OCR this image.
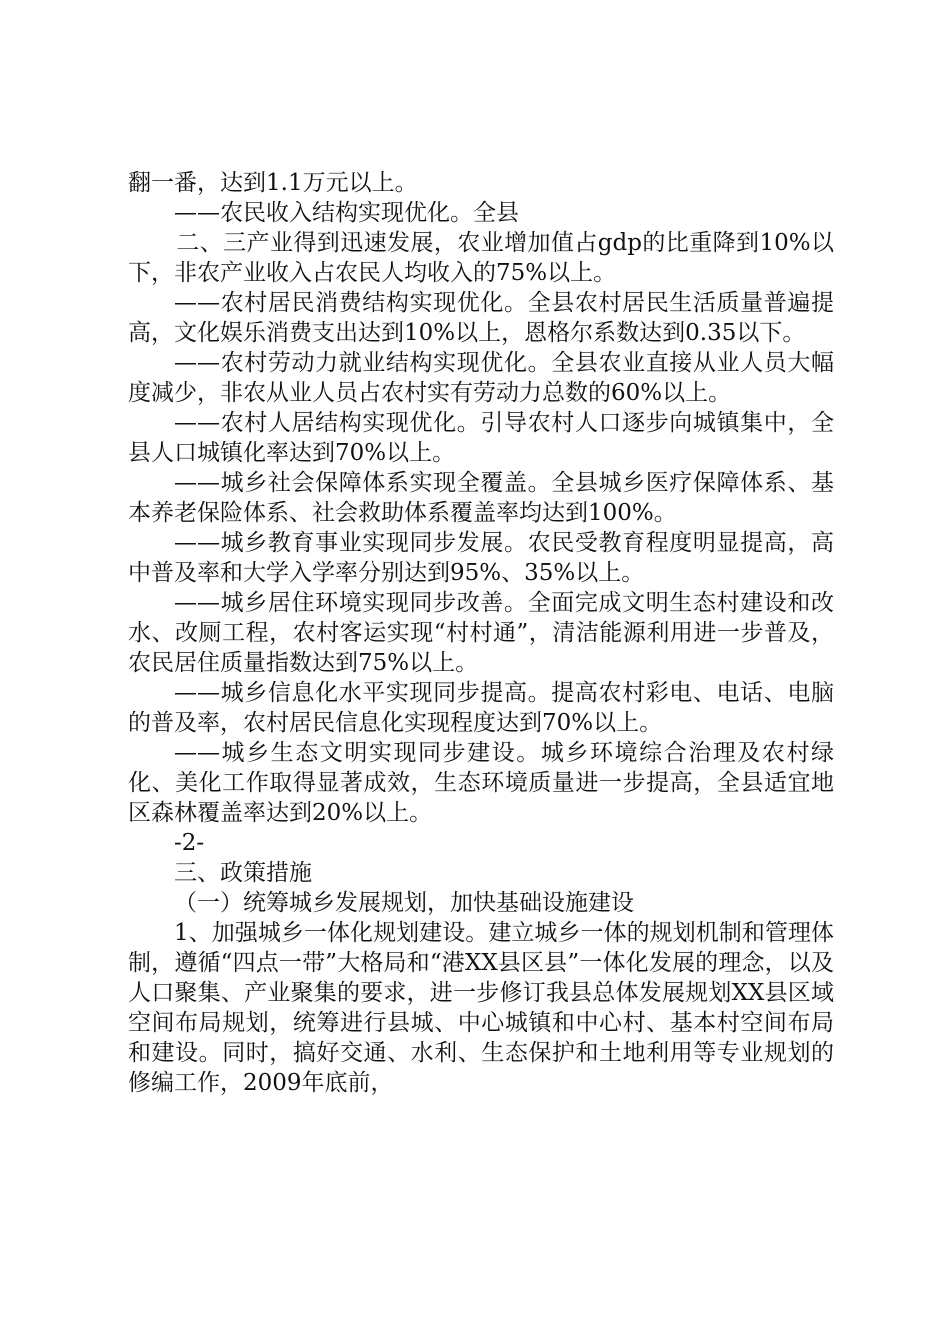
翻一番，达到1.1万元以上。

——农民收入结构实现优化。全县

二、三产业得到迅速发展，农业增加值占gdp的比重降到10%以下，非农产业收入占农民人均收入的75%以上。

——农村居民消费结构实现优化。全县农村居民生活质量普遍提高，文化娱乐消费支出达到10%以上，恩格尔系数达到0.35以下。

——农村劳动力就业结构实现优化。全县农业直接从业人员大幅度减少，非农从业人员占农村实有劳动力总数的60%以上。

——农村人居结构实现优化。引导农村人口逐步向城镇集中，全县人口城镇化率达到70%以上。

——城乡社会保障体系实现全覆盖。全县城乡医疗保障体系、基本养老保险体系、社会救助体系覆盖率均达到100%。

——城乡教育事业实现同步发展。农民受教育程度明显提高，高中普及率和大学入学率分别达到95%、35%以上。

——城乡居住环境实现同步改善。全面完成文明生态村建设和改水、改厕工程，农村客运实现“村村通”，清洁能源利用进一步普及，农民居住质量指数达到75%以上。

——城乡信息化水平实现同步提高。提高农村彩电、电话、电脑的普及率，农村居民信息化实现程度达到70%以上。

——城乡生态文明实现同步建设。城乡环境综合治理及农村绿化、美化工作取得显著成效，生态环境质量进一步提高，全县适宜地区森林覆盖率达到20%以上。

-2-

三、政策措施

（一）统筹城乡发展规划，加快基础设施建设

1、加强城乡一体化规划建设。建立城乡一体的规划机制和管理体制，遵循“四点一带”大格局和“港XX县区县”一体化发展的理念，以及人口聚集、产业聚集的要求，进一步修订我县总体发展规划XX县区域空间布局规划，统筹进行县城、中心城镇和中心村、基本村空间布局和建设。同时，搞好交通、水利、生态保护和土地利用等专业规划的修编工作，2009年底前，
